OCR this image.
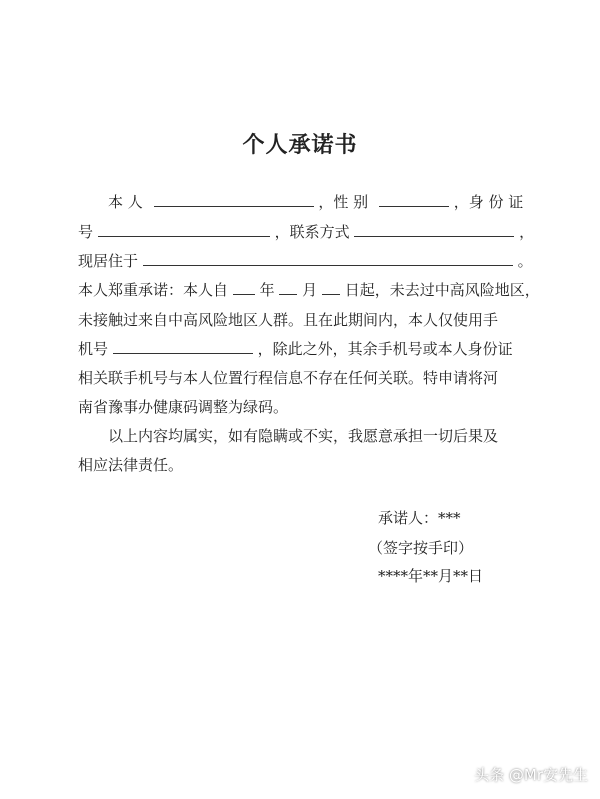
个人承诺书
本 人	，性 别	，身 份 证
号	，联系方式	，
现居住于	。
本人郑重承诺：本人自 年 月 日起，未去过中高风险地区，
未接触过来自中高风险地区人群。且在此期间内，本人仅使用手
机号	，除此之外，其余手机号或本人身份证
相关联手机号与本人位置行程信息不存在任何关联。特申请将河
南省豫事办健康码调整为绿码。
以上内容均属实，如有隐瞒或不实，我愿意承担一切后果及
相应法律责任。
承诺人：***
（签字按手印）
****年**月**日
头条 @Mr安先生
